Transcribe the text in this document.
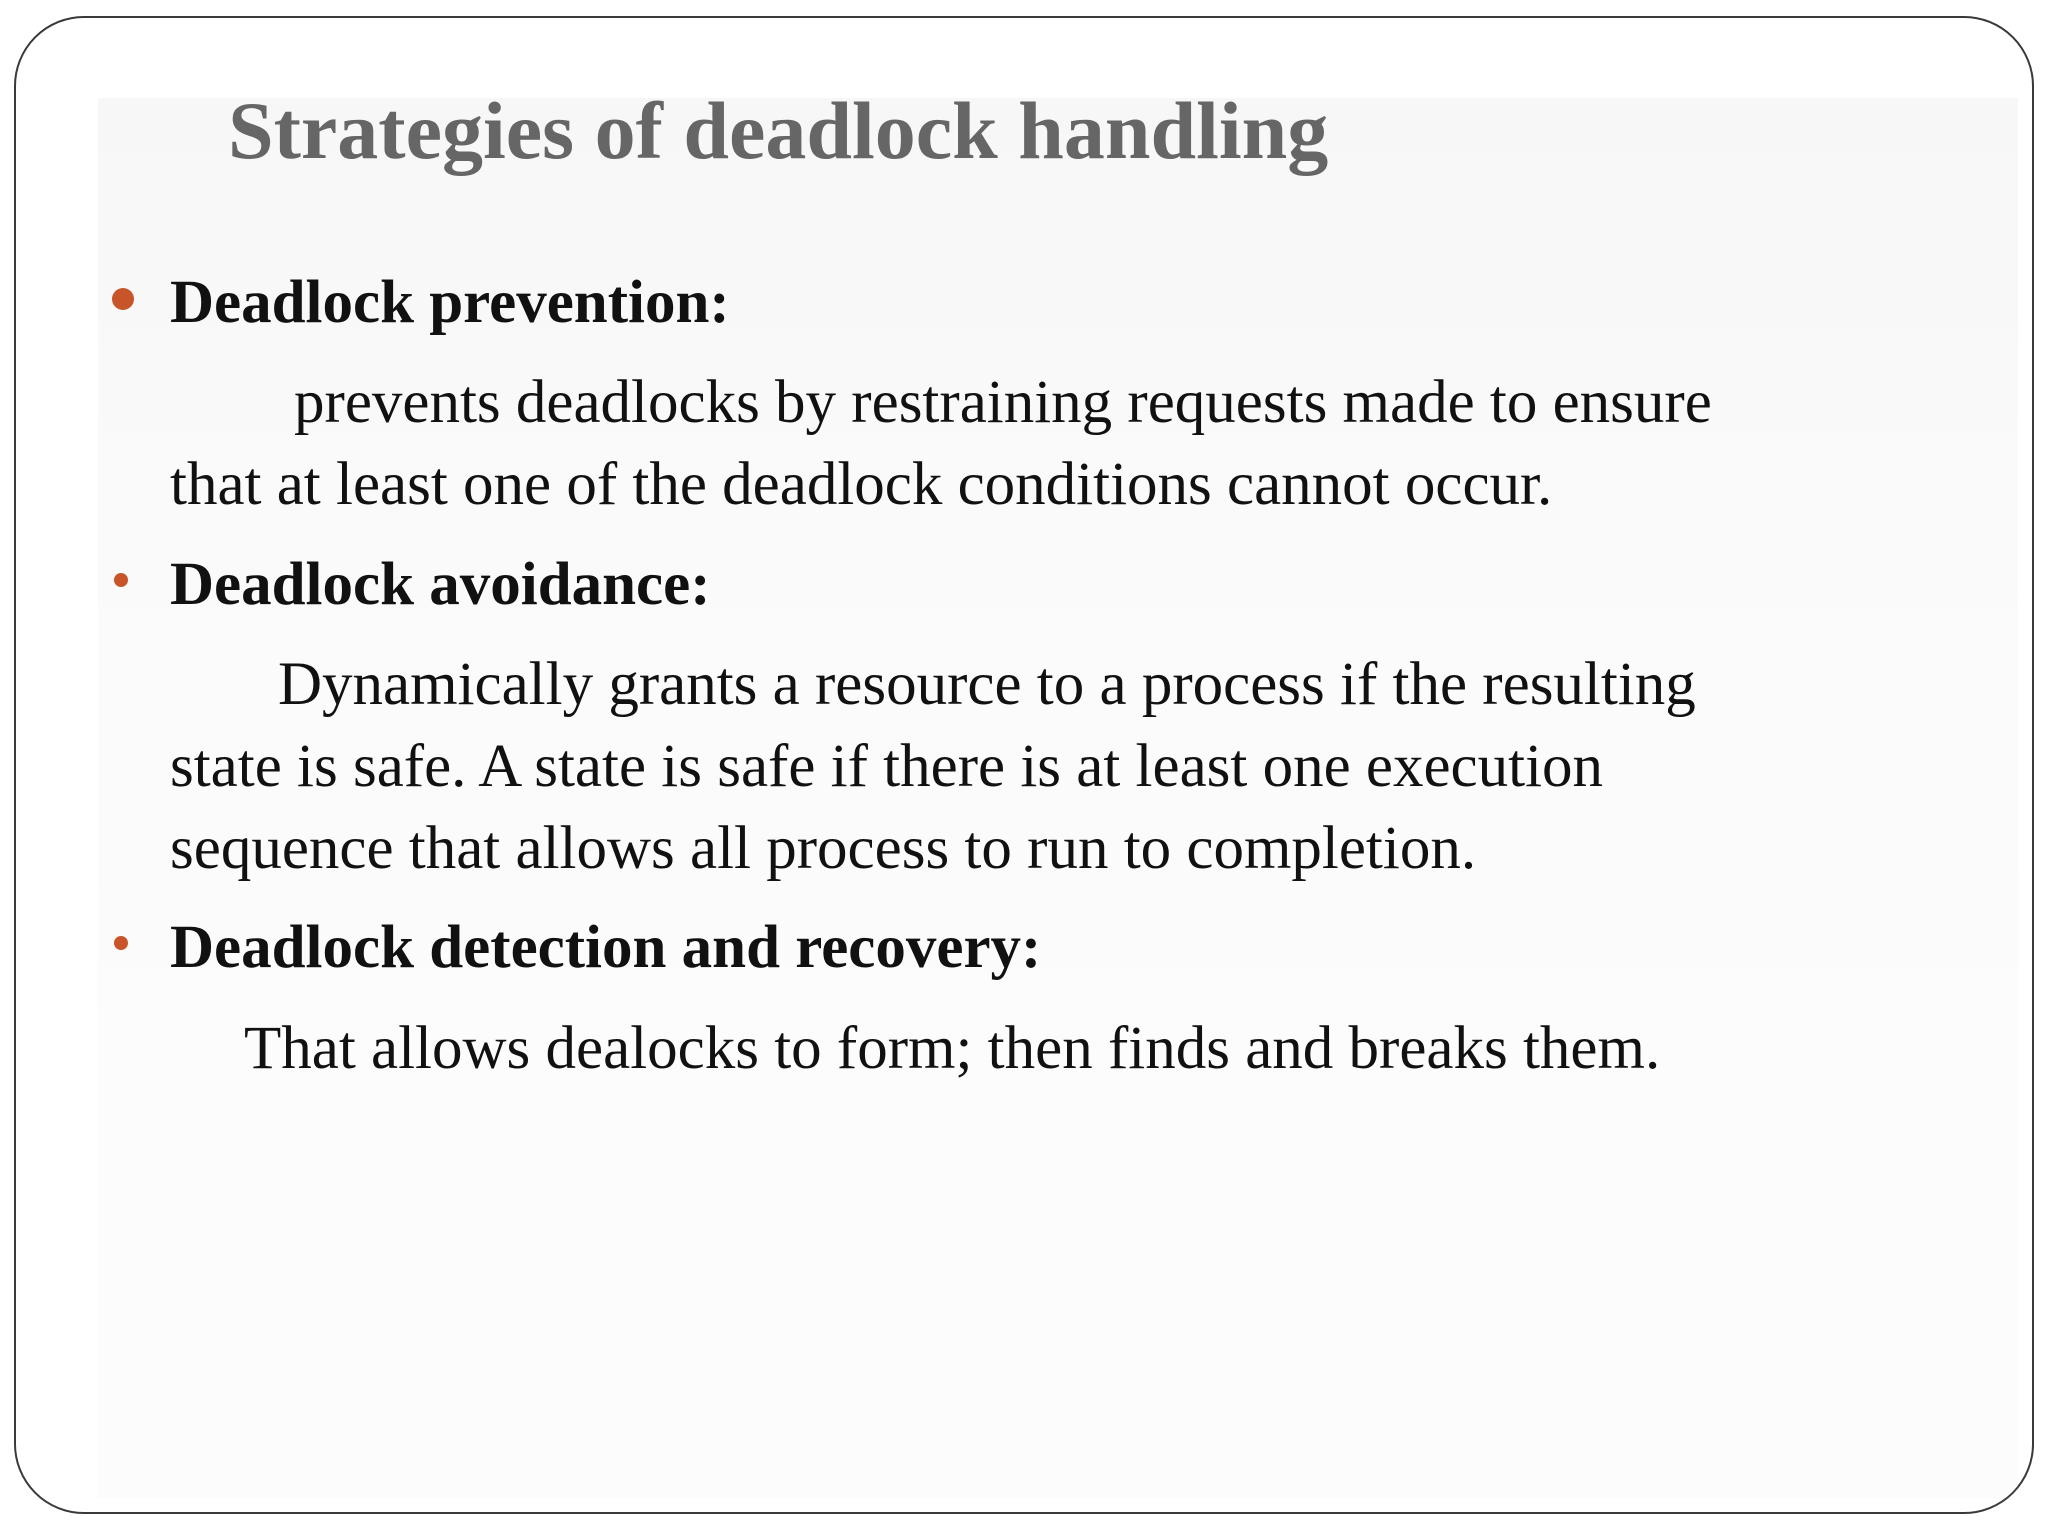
Strategies of deadlock handling

Deadlock prevention:

prevents deadlocks by restraining requests made to ensure

that at least one of the deadlock conditions cannot occur.

Deadlock avoidance:

Dynamically grants a resource to a process if the resulting

state is safe. A state is safe if there is at least one execution

sequence that allows all process to run to completion.

Deadlock detection and recovery:

That allows dealocks to form; then finds and breaks them.
